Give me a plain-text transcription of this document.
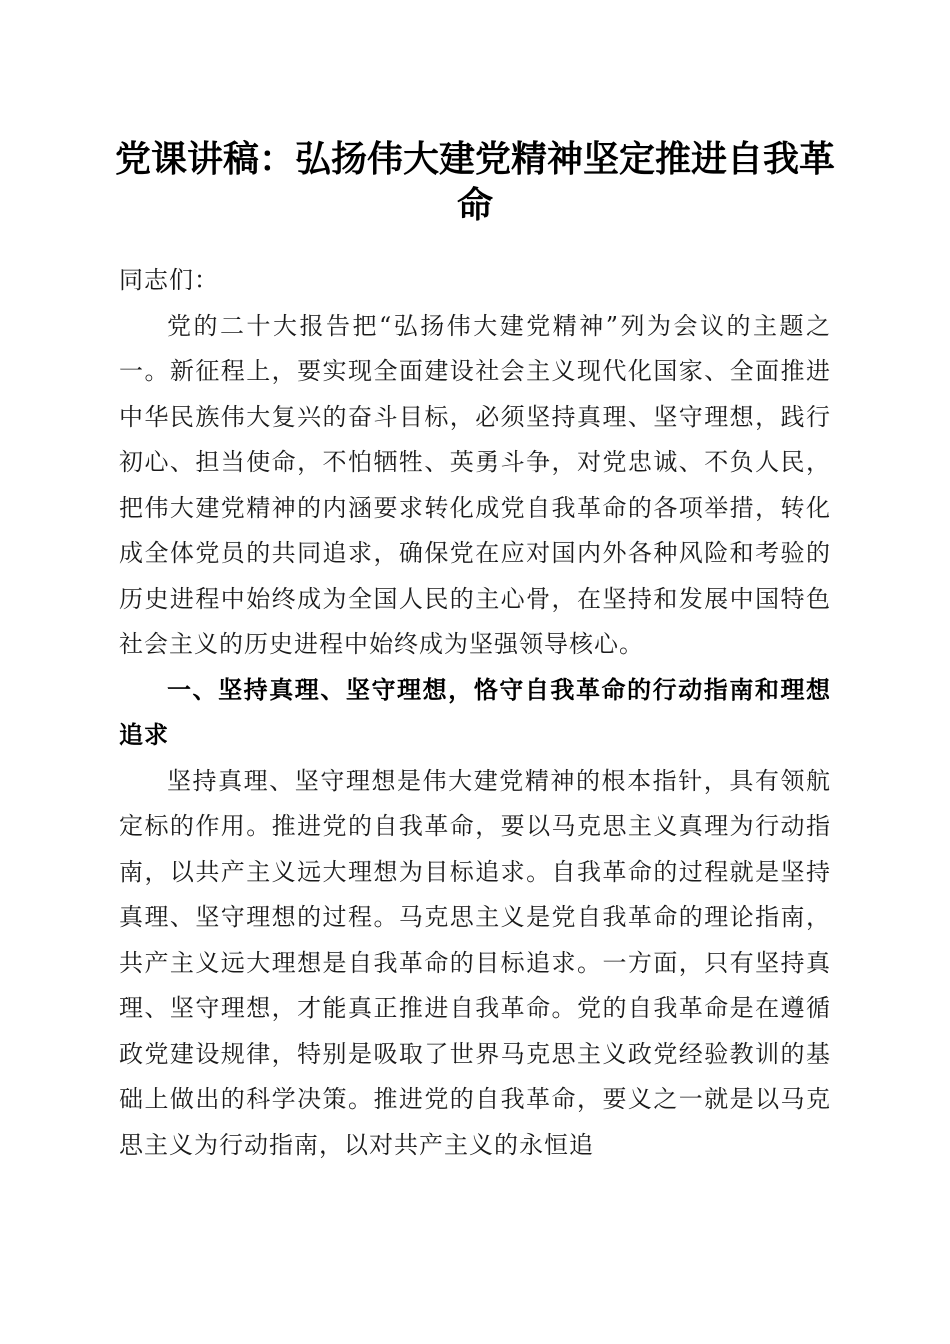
党课讲稿：弘扬伟大建党精神坚定推进自我革命

同志们：

党的二十大报告把“弘扬伟大建党精神”列为会议的主题之一。新征程上，要实现全面建设社会主义现代化国家、全面推进中华民族伟大复兴的奋斗目标，必须坚持真理、坚守理想，践行初心、担当使命，不怕牺牲、英勇斗争，对党忠诚、不负人民，把伟大建党精神的内涵要求转化成党自我革命的各项举措，转化成全体党员的共同追求，确保党在应对国内外各种风险和考验的历史进程中始终成为全国人民的主心骨，在坚持和发展中国特色社会主义的历史进程中始终成为坚强领导核心。

一、坚持真理、坚守理想，恪守自我革命的行动指南和理想追求

坚持真理、坚守理想是伟大建党精神的根本指针，具有领航定标的作用。推进党的自我革命，要以马克思主义真理为行动指南，以共产主义远大理想为目标追求。自我革命的过程就是坚持真理、坚守理想的过程。马克思主义是党自我革命的理论指南，共产主义远大理想是自我革命的目标追求。一方面，只有坚持真理、坚守理想，才能真正推进自我革命。党的自我革命是在遵循政党建设规律，特别是吸取了世界马克思主义政党经验教训的基础上做出的科学决策。推进党的自我革命，要义之一就是以马克思主义为行动指南，以对共产主义的永恒追
